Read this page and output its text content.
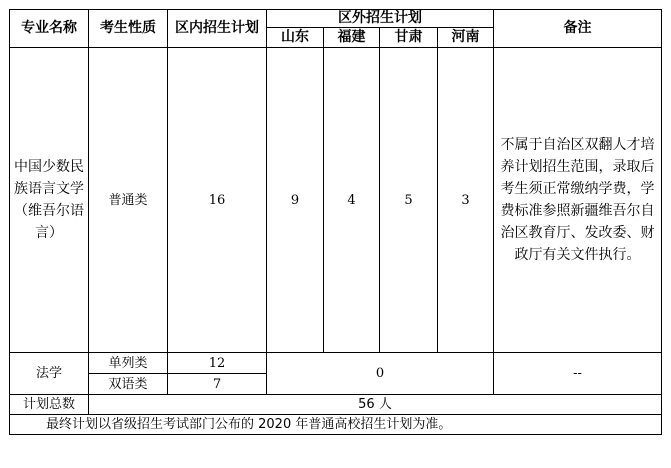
专业名称	考生性质	区内招生计划	区外招生计划				备注
			山东	福建	甘肃	河南	
中国少数民族语言文学（维吾尔语言）	普通类	16	9	4	5	3	不属于自治区双翻人才培养计划招生范围，录取后考生须正常缴纳学费，学费标准参照新疆维吾尔自治区教育厅、发改委、财政厅有关文件执行。
法学	单列类	12	0				--
	双语类	7					
计划总数	56 人						
最终计划以省级招生考试部门公布的 2020 年普通高校招生计划为准。							
